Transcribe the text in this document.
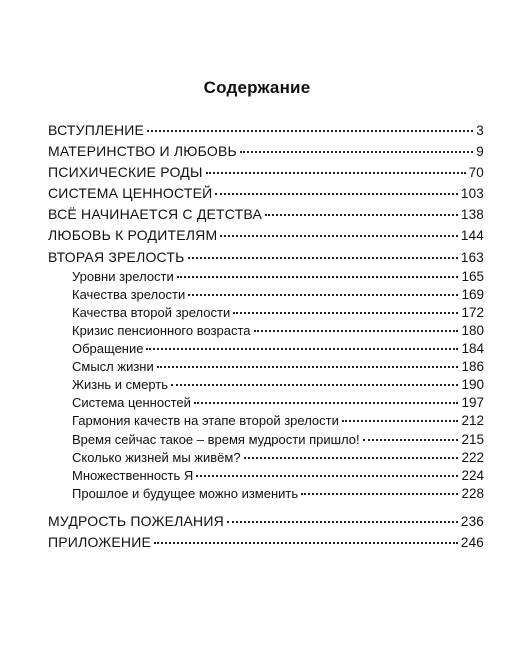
Содержание
ВСТУПЛЕНИЕ	3
МАТЕРИНСТВО И ЛЮБОВЬ	9
ПСИХИЧЕСКИЕ РОДЫ	70
СИСТЕМА ЦЕННОСТЕЙ	103
ВСЁ НАЧИНАЕТСЯ С ДЕТСТВА	138
ЛЮБОВЬ К РОДИТЕЛЯМ	144
ВТОРАЯ ЗРЕЛОСТЬ	163
Уровни зрелости	165
Качества зрелости	169
Качества второй зрелости	172
Кризис пенсионного возраста	180
Обращение	184
Смысл жизни	186
Жизнь и смерть	190
Система ценностей	197
Гармония качеств на этапе второй зрелости	212
Время сейчас такое – время мудрости пришло!	215
Сколько жизней мы живём?	222
Множественность Я	224
Прошлое и будущее можно изменить	228
МУДРОСТЬ ПОЖЕЛАНИЯ	236
ПРИЛОЖЕНИЕ	246
